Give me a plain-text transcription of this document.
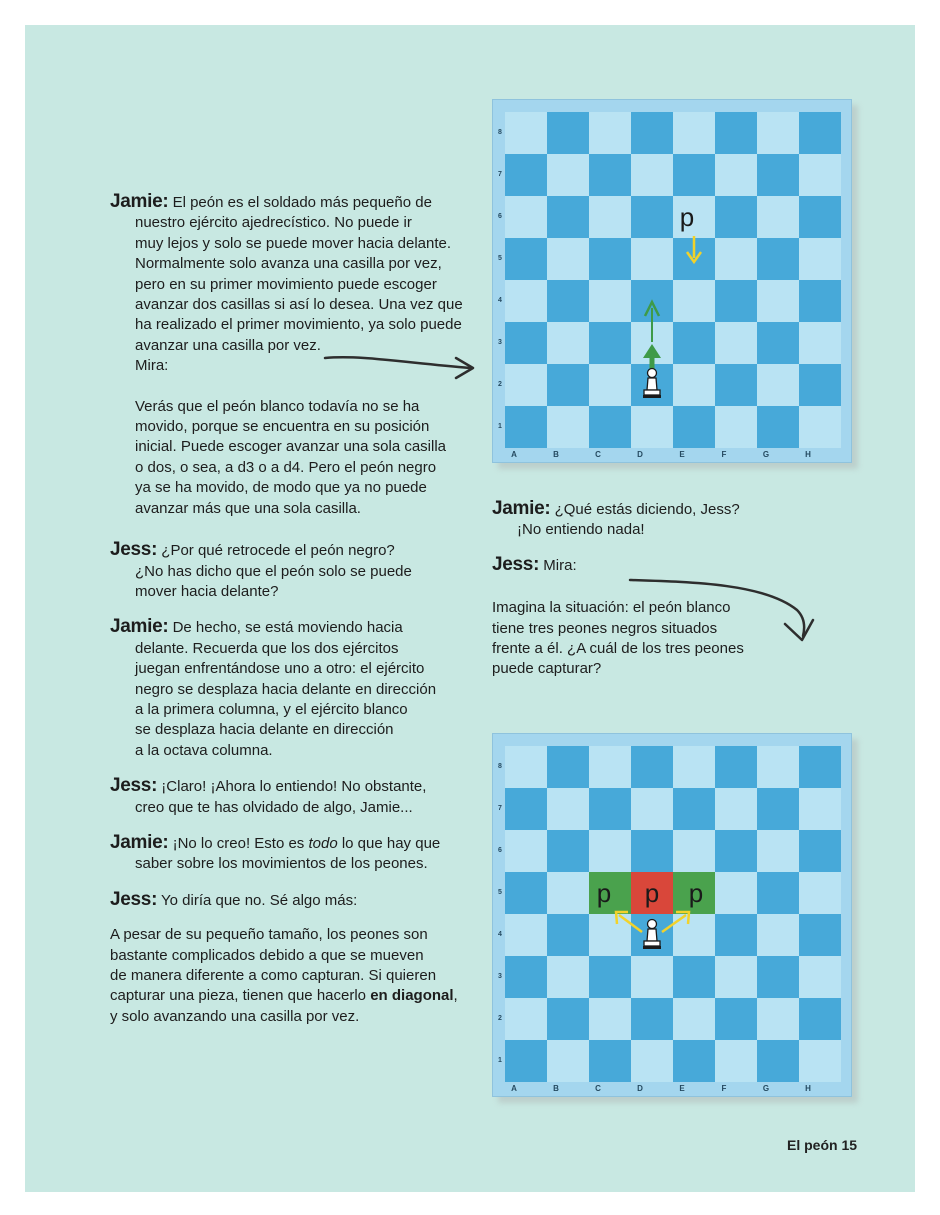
Jamie: El peón es el soldado más pequeño de
nuestro ejército ajedrecístico. No puede ir
muy lejos y solo se puede mover hacia delante.
Normalmente solo avanza una casilla por vez,
pero en su primer movimiento puede escoger
avanzar dos casillas si así lo desea. Una vez que
ha realizado el primer movimiento, ya solo puede
avanzar una casilla por vez.
Mira:

Verás que el peón blanco todavía no se ha
movido, porque se encuentra en su posición
inicial. Puede escoger avanzar una sola casilla
o dos, o sea, a d3 o a d4. Pero el peón negro
ya se ha movido, de modo que ya no puede
avanzar más que una sola casilla.

Jess: ¿Por qué retrocede el peón negro?
¿No has dicho que el peón solo se puede
mover hacia delante?

Jamie: De hecho, se está moviendo hacia
delante. Recuerda que los dos ejércitos
juegan enfrentándose uno a otro: el ejército
negro se desplaza hacia delante en dirección
a la primera columna, y el ejército blanco
se desplaza hacia delante en dirección
a la octava columna.

Jess: ¡Claro! ¡Ahora lo entiendo! No obstante,
creo que te has olvidado de algo, Jamie...

Jamie: ¡No lo creo! Esto es todo lo que hay que
saber sobre los movimientos de los peones.

Jess: Yo diría que no. Sé algo más:

A pesar de su pequeño tamaño, los peones son
bastante complicados debido a que se mueven
de manera diferente a como capturan. Si quieren
capturar una pieza, tienen que hacerlo en diagonal,
y solo avanzando una casilla por vez.

8
7
6
5
4
3
2
1
A	B	C	D	E	F	G	H
p

Jamie: ¿Qué estás diciendo, Jess?
¡No entiendo nada!

Jess: Mira:

Imagina la situación: el peón blanco
tiene tres peones negros situados
frente a él. ¿A cuál de los tres peones
puede capturar?

8
7
6
5
4
3
2
1
A	B	C	D	E	F	G	H
p p p
El peón 15
